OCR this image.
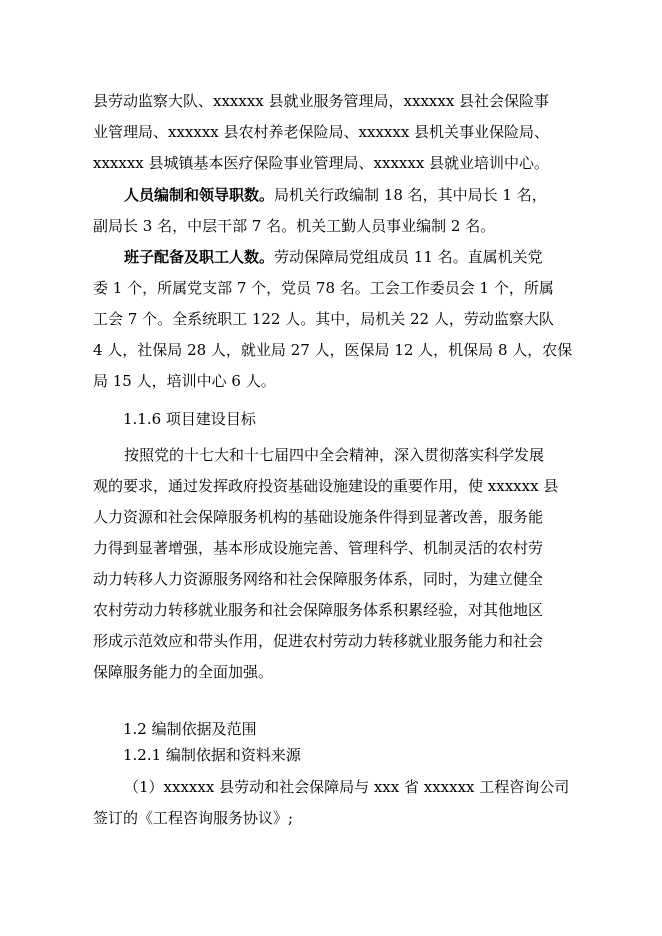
县劳动监察大队、xxxxxx 县就业服务管理局，xxxxxx 县社会保险事
业管理局、xxxxxx 县农村养老保险局、xxxxxx 县机关事业保险局、
xxxxxx 县城镇基本医疗保险事业管理局、xxxxxx 县就业培训中心。
人员编制和领导职数。局机关行政编制 18 名，其中局长 1 名，
副局长 3 名，中层干部 7 名。机关工勤人员事业编制 2 名。
班子配备及职工人数。劳动保障局党组成员 11 名。直属机关党
委 1 个，所属党支部 7 个，党员 78 名。工会工作委员会 1 个，所属
工会 7 个。全系统职工 122 人。其中，局机关 22 人，劳动监察大队
4 人，社保局 28 人，就业局 27 人，医保局 12 人，机保局 8 人，农保
局 15 人，培训中心 6 人。
1.1.6 项目建设目标
按照党的十七大和十七届四中全会精神，深入贯彻落实科学发展
观的要求，通过发挥政府投资基础设施建设的重要作用，使 xxxxxx 县
人力资源和社会保障服务机构的基础设施条件得到显著改善，服务能
力得到显著增强，基本形成设施完善、管理科学、机制灵活的农村劳
动力转移人力资源服务网络和社会保障服务体系，同时，为建立健全
农村劳动力转移就业服务和社会保障服务体系积累经验，对其他地区
形成示范效应和带头作用，促进农村劳动力转移就业服务能力和社会
保障服务能力的全面加强。
1.2 编制依据及范围
1.2.1 编制依据和资料来源
（1）xxxxxx 县劳动和社会保障局与 xxx 省 xxxxxx 工程咨询公司
签订的《工程咨询服务协议》;
